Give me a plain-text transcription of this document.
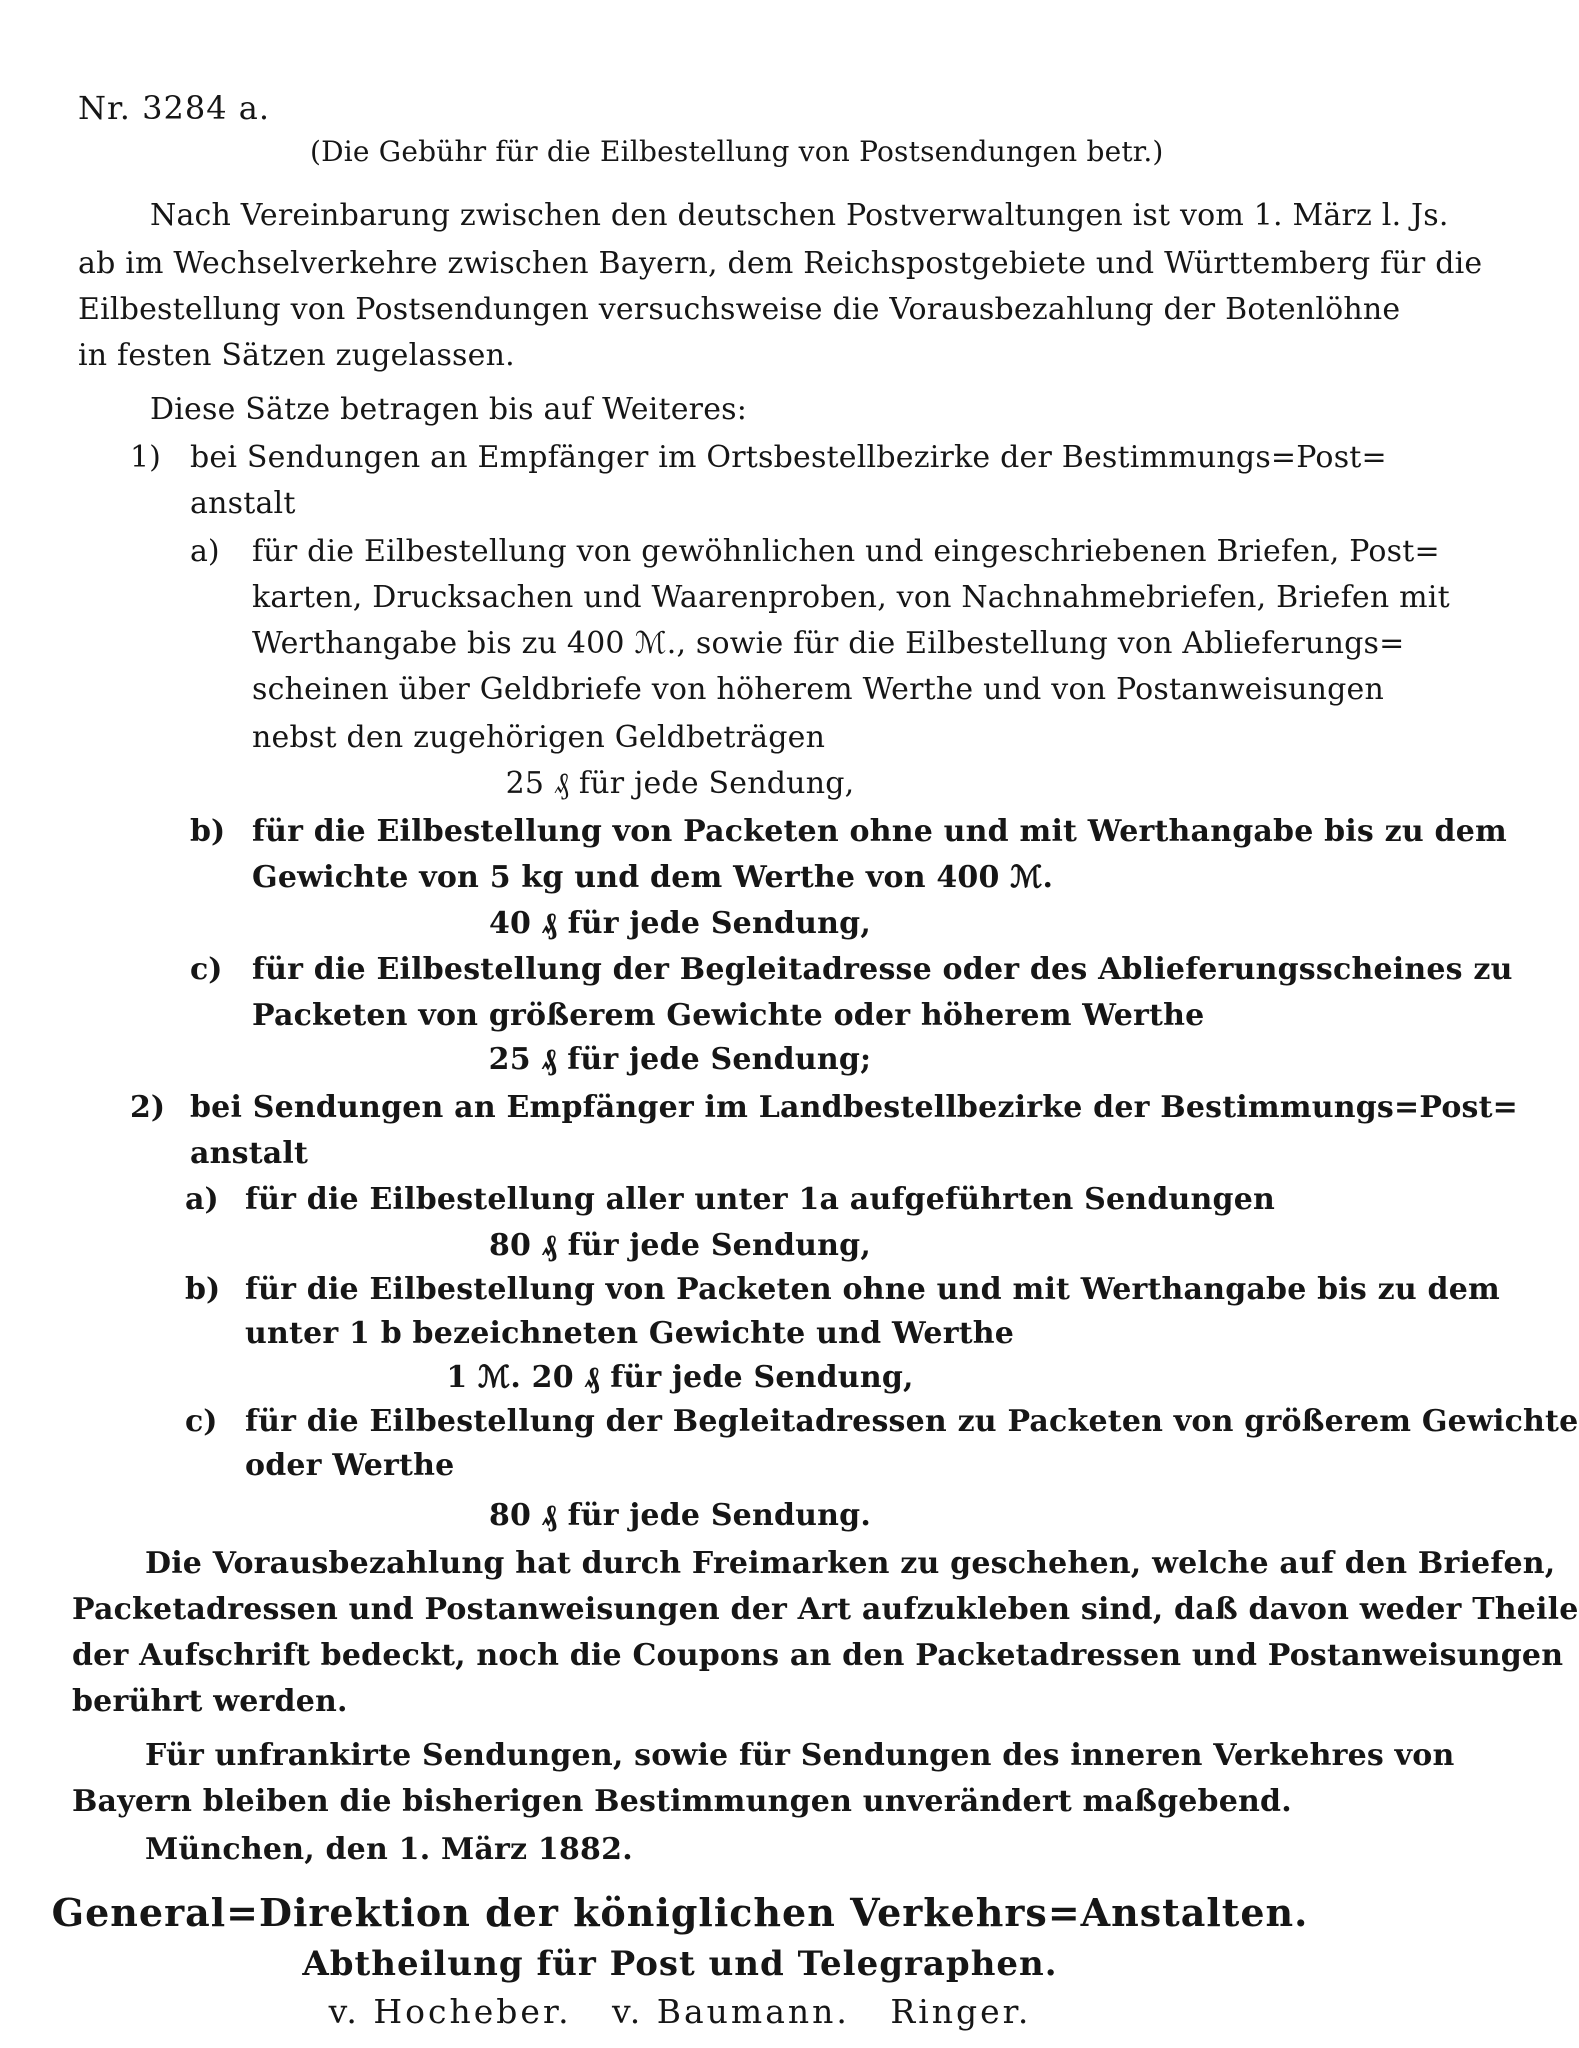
Nr. 3284 a.
(Die Gebühr für die Eilbestellung von Postsendungen betr.)
Nach Vereinbarung zwischen den deutschen Postverwaltungen ist vom 1. März l. Js.
ab im Wechselverkehre zwischen Bayern, dem Reichspostgebiete und Württemberg für die
Eilbestellung von Postsendungen versuchsweise die Vorausbezahlung der Botenlöhne
in festen Sätzen zugelassen.
Diese Sätze betragen bis auf Weiteres:
1) bei Sendungen an Empfänger im Ortsbestellbezirke der Bestimmungs=Post=
anstalt
a) für die Eilbestellung von gewöhnlichen und eingeschriebenen Briefen, Post=
karten, Drucksachen und Waarenproben, von Nachnahmebriefen, Briefen mit
Werthangabe bis zu 400 ℳ., sowie für die Eilbestellung von Ablieferungs=
scheinen über Geldbriefe von höherem Werthe und von Postanweisungen
nebst den zugehörigen Geldbeträgen
25 ₰ für jede Sendung,
b) für die Eilbestellung von Packeten ohne und mit Werthangabe bis zu dem
Gewichte von 5 kg und dem Werthe von 400 ℳ.
40 ₰ für jede Sendung,
c) für die Eilbestellung der Begleitadresse oder des Ablieferungsscheines zu
Packeten von größerem Gewichte oder höherem Werthe
25 ₰ für jede Sendung;
2) bei Sendungen an Empfänger im Landbestellbezirke der Bestimmungs=Post=
anstalt
a) für die Eilbestellung aller unter 1a aufgeführten Sendungen
80 ₰ für jede Sendung,
b) für die Eilbestellung von Packeten ohne und mit Werthangabe bis zu dem
unter 1 b bezeichneten Gewichte und Werthe
1 ℳ. 20 ₰ für jede Sendung,
c) für die Eilbestellung der Begleitadressen zu Packeten von größerem Gewichte
oder Werthe
80 ₰ für jede Sendung.
Die Vorausbezahlung hat durch Freimarken zu geschehen, welche auf den Briefen,
Packetadressen und Postanweisungen der Art aufzukleben sind, daß davon weder Theile
der Aufschrift bedeckt, noch die Coupons an den Packetadressen und Postanweisungen
berührt werden.
Für unfrankirte Sendungen, sowie für Sendungen des inneren Verkehres von
Bayern bleiben die bisherigen Bestimmungen unverändert maßgebend.
München, den 1. März 1882.
General=Direktion der königlichen Verkehrs=Anstalten.
Abtheilung für Post und Telegraphen.
v. Hocheber.   v. Baumann.   Ringer.
